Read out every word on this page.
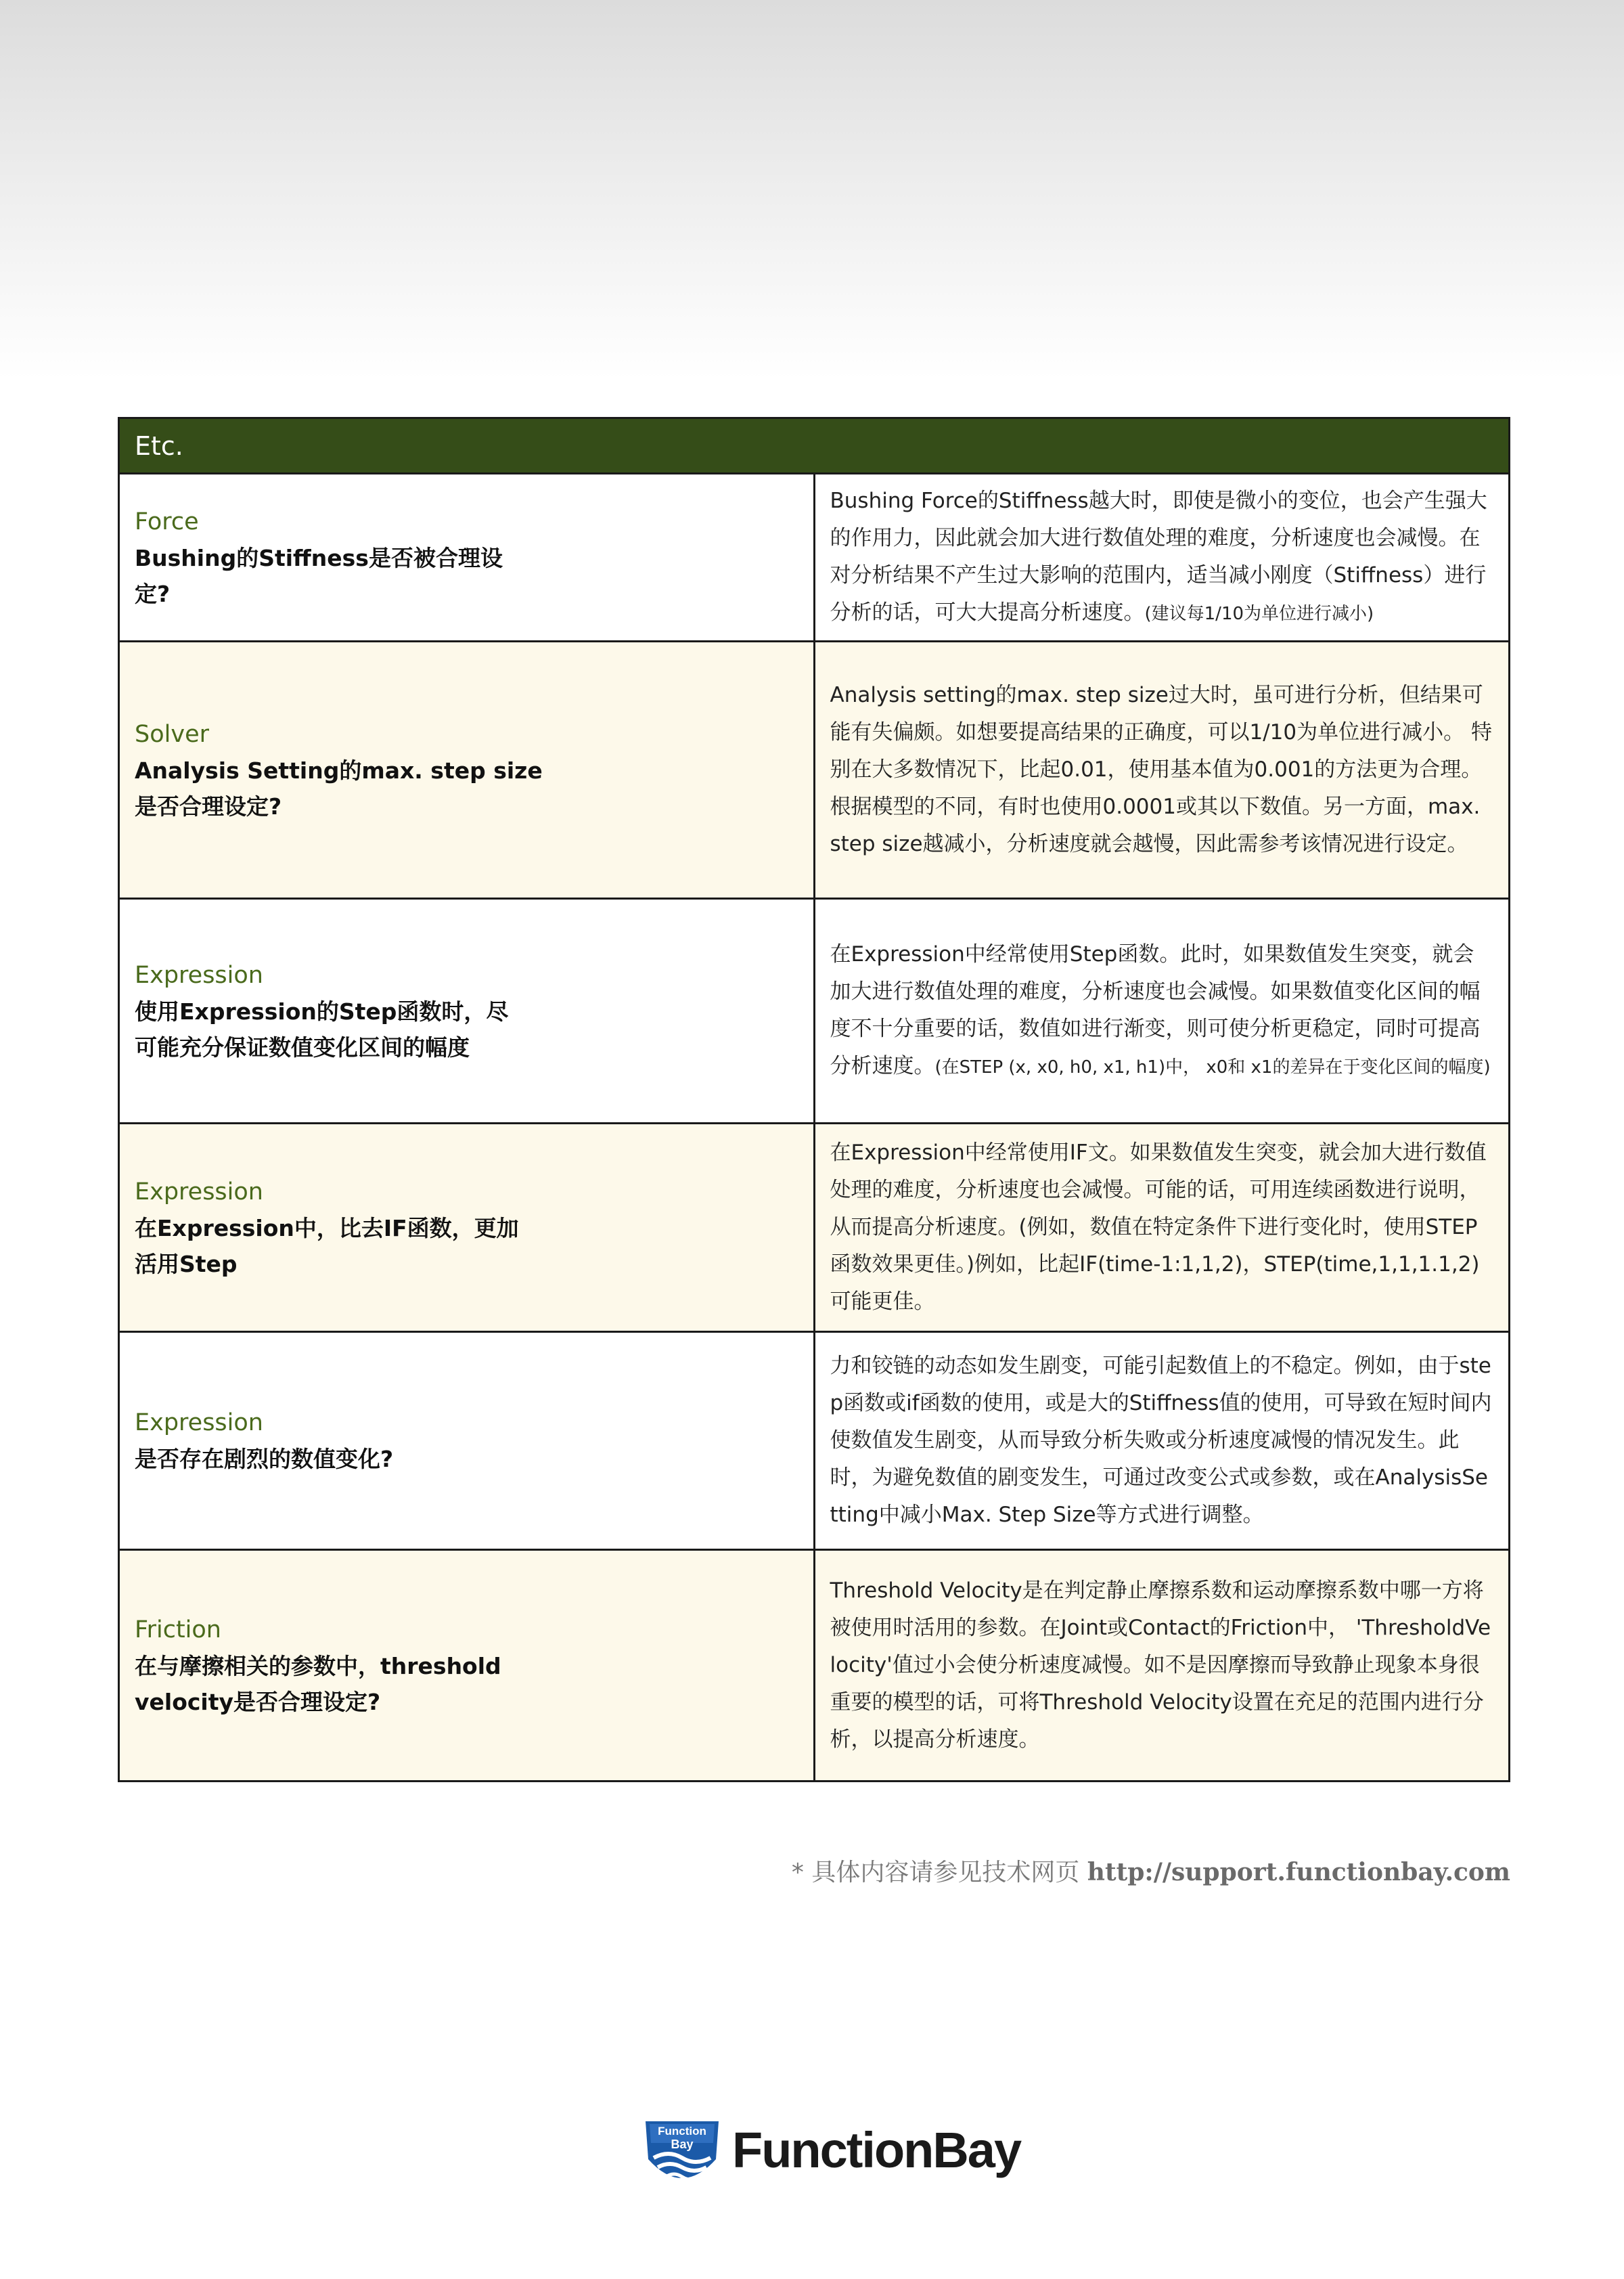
Etc.	

Force
Bushing的Stiffness是否被合理设
定?	Bushing Force的Stiffness越大时，即使是微小的变位，也会产生强大的作用力，因此就会加大进行数值处理的难度，分析速度也会减慢。在对分析结果不产生过大影响的范围内，适当减小刚度（Stiffness）进行分析的话，可大大提高分析速度。(建议每1/10为单位进行减小)

Solver
Analysis Setting的max. step size
是否合理设定?	Analysis setting的max. step size过大时，虽可进行分析，但结果可能有失偏颇。如想要提高结果的正确度，可以1/10为单位进行减小。 特别在大多数情况下，比起0.01，使用基本值为0.001的方法更为合理。根据模型的不同，有时也使用0.0001或其以下数值。另一方面，max. step size越减小，分析速度就会越慢，因此需参考该情况进行设定。

Expression
使用Expression的Step函数时，尽
可能充分保证数值变化区间的幅度	在Expression中经常使用Step函数。此时，如果数值发生突变，就会加大进行数值处理的难度，分析速度也会减慢。如果数值变化区间的幅度不十分重要的话，数值如进行渐变，则可使分析更稳定，同时可提高分析速度。(在STEP (x, x0, h0, x1, h1)中， x0和 x1的差异在于变化区间的幅度)

Expression
在Expression中，比去IF函数，更加
活用Step	在Expression中经常使用IF文。如果数值发生突变，就会加大进行数值处理的难度，分析速度也会减慢。可能的话，可用连续函数进行说明，从而提高分析速度。(例如，数值在特定条件下进行变化时，使用STEP函数效果更佳。)例如，比起IF(time-1:1,1,2)，STEP(time,1,1,1.1,2)可能更佳。

Expression
是否存在剧烈的数值变化?	力和铰链的动态如发生剧变，可能引起数值上的不稳定。例如，由于step函数或if函数的使用，或是大的Stiffness值的使用，可导致在短时间内使数值发生剧变，从而导致分析失败或分析速度减慢的情况发生。此时，为避免数值的剧变发生，可通过改变公式或参数，或在AnalysisSetting中减小Max. Step Size等方式进行调整。

Friction
在与摩擦相关的参数中，threshold
velocity是否合理设定?	Threshold Velocity是在判定静止摩擦系数和运动摩擦系数中哪一方将被使用时活用的参数。在Joint或Contact的Friction中， 'ThresholdVelocity'值过小会使分析速度减慢。如不是因摩擦而导致静止现象本身很重要的模型的话，可将Threshold Velocity设置在充足的范围内进行分析，以提高分析速度。
* 具体内容请参见技术网页 http://support.functionbay.com
Function
Bay FunctionBay
